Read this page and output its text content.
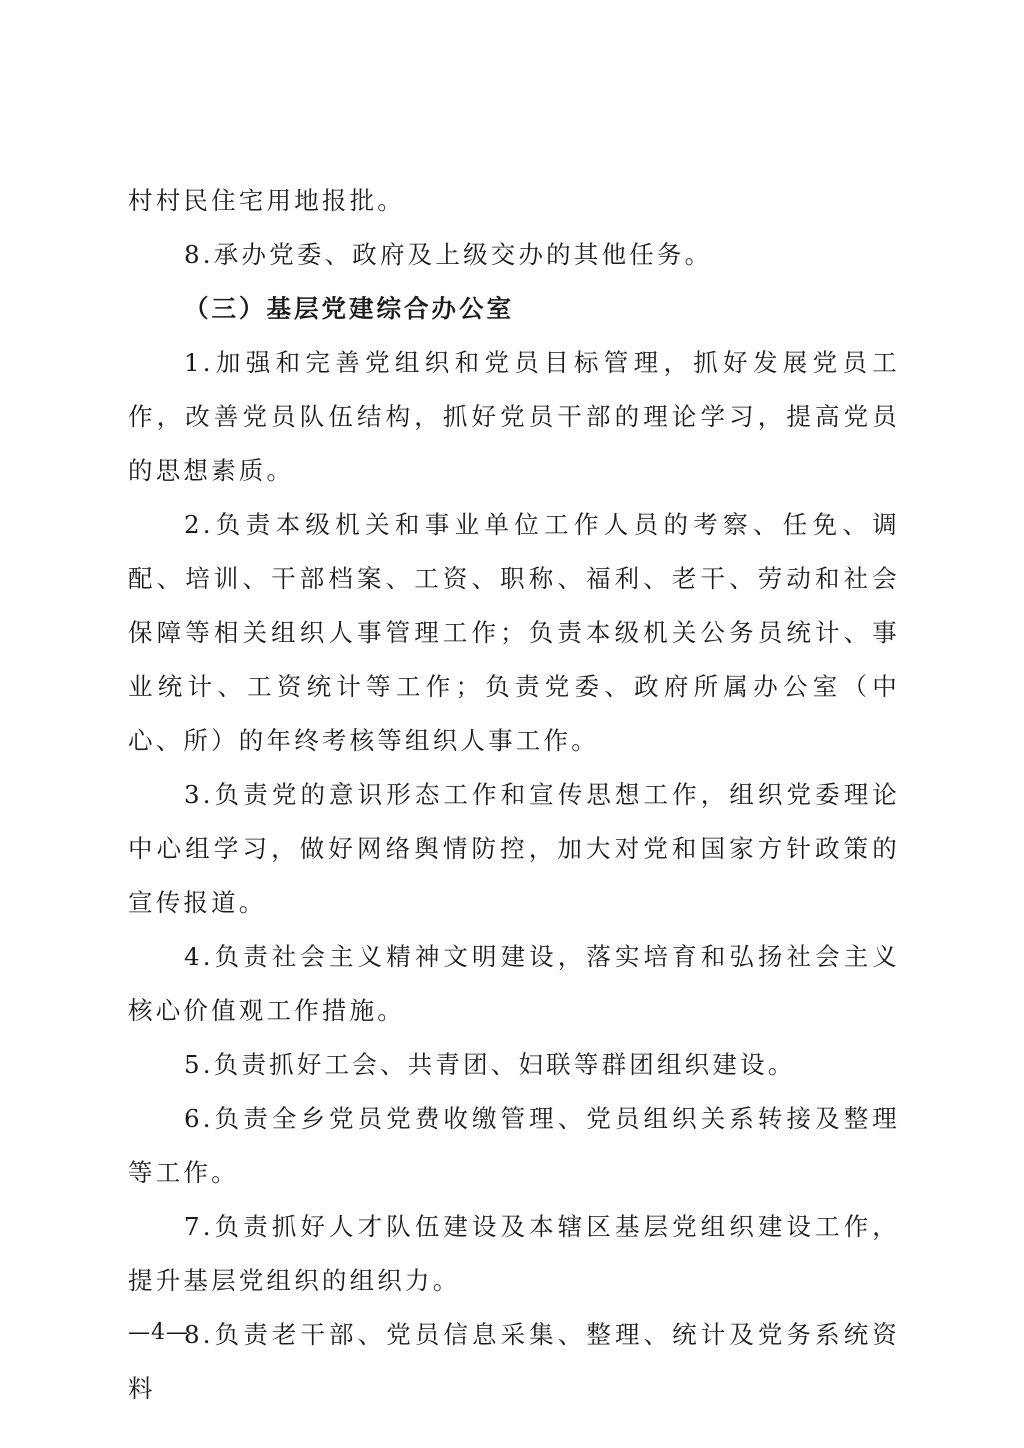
村村民住宅用地报批。

8.承办党委、政府及上级交办的其他任务。

（三）基层党建综合办公室

1.加强和完善党组织和党员目标管理，抓好发展党员工作，改善党员队伍结构，抓好党员干部的理论学习，提高党员的思想素质。

2.负责本级机关和事业单位工作人员的考察、任免、调配、培训、干部档案、工资、职称、福利、老干、劳动和社会保障等相关组织人事管理工作；负责本级机关公务员统计、事业统计、工资统计等工作；负责党委、政府所属办公室（中心、所）的年终考核等组织人事工作。

3.负责党的意识形态工作和宣传思想工作，组织党委理论中心组学习，做好网络舆情防控，加大对党和国家方针政策的宣传报道。

4.负责社会主义精神文明建设，落实培育和弘扬社会主义核心价值观工作措施。

5.负责抓好工会、共青团、妇联等群团组织建设。

6.负责全乡党员党费收缴管理、党员组织关系转接及整理等工作。

7.负责抓好人才队伍建设及本辖区基层党组织建设工作，提升基层党组织的组织力。

8.负责老干部、党员信息采集、整理、统计及党务系统资料

—4—
